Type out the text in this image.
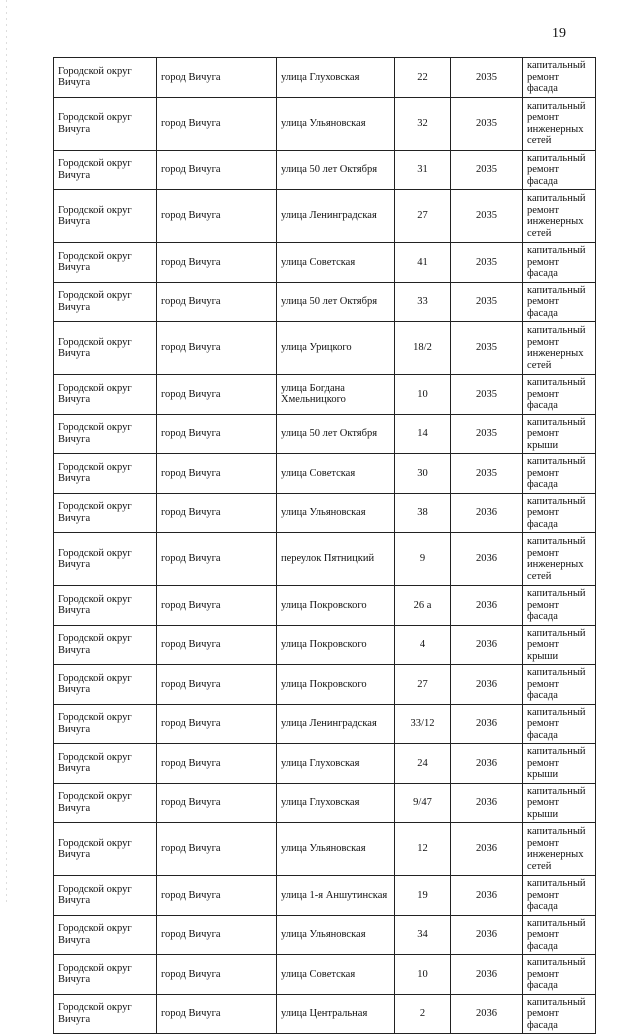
19
Городской округ Вичуга	город Вичуга	улица Глуховская	22	2035	капитальный ремонт фасада
Городской округ Вичуга	город Вичуга	улица Ульяновская	32	2035	капитальный ремонт инженерных сетей
Городской округ Вичуга	город Вичуга	улица 50 лет Октября	31	2035	капитальный ремонт фасада
Городской округ Вичуга	город Вичуга	улица Ленинградская	27	2035	капитальный ремонт инженерных сетей
Городской округ Вичуга	город Вичуга	улица Советская	41	2035	капитальный ремонт фасада
Городской округ Вичуга	город Вичуга	улица 50 лет Октября	33	2035	капитальный ремонт фасада
Городской округ Вичуга	город Вичуга	улица Урицкого	18/2	2035	капитальный ремонт инженерных сетей
Городской округ Вичуга	город Вичуга	улица Богдана Хмельницкого	10	2035	капитальный ремонт фасада
Городской округ Вичуга	город Вичуга	улица 50 лет Октября	14	2035	капитальный ремонт крыши
Городской округ Вичуга	город Вичуга	улица Советская	30	2035	капитальный ремонт фасада
Городской округ Вичуга	город Вичуга	улица Ульяновская	38	2036	капитальный ремонт фасада
Городской округ Вичуга	город Вичуга	переулок Пятницкий	9	2036	капитальный ремонт инженерных сетей
Городской округ Вичуга	город Вичуга	улица Покровского	26 а	2036	капитальный ремонт фасада
Городской округ Вичуга	город Вичуга	улица Покровского	4	2036	капитальный ремонт крыши
Городской округ Вичуга	город Вичуга	улица Покровского	27	2036	капитальный ремонт фасада
Городской округ Вичуга	город Вичуга	улица Ленинградская	33/12	2036	капитальный ремонт фасада
Городской округ Вичуга	город Вичуга	улица Глуховская	24	2036	капитальный ремонт крыши
Городской округ Вичуга	город Вичуга	улица Глуховская	9/47	2036	капитальный ремонт крыши
Городской округ Вичуга	город Вичуга	улица Ульяновская	12	2036	капитальный ремонт инженерных сетей
Городской округ Вичуга	город Вичуга	улица 1-я Аншутинская	19	2036	капитальный ремонт фасада
Городской округ Вичуга	город Вичуга	улица Ульяновская	34	2036	капитальный ремонт фасада
Городской округ Вичуга	город Вичуга	улица Советская	10	2036	капитальный ремонт фасада
Городской округ Вичуга	город Вичуга	улица Центральная	2	2036	капитальный ремонт фасада
